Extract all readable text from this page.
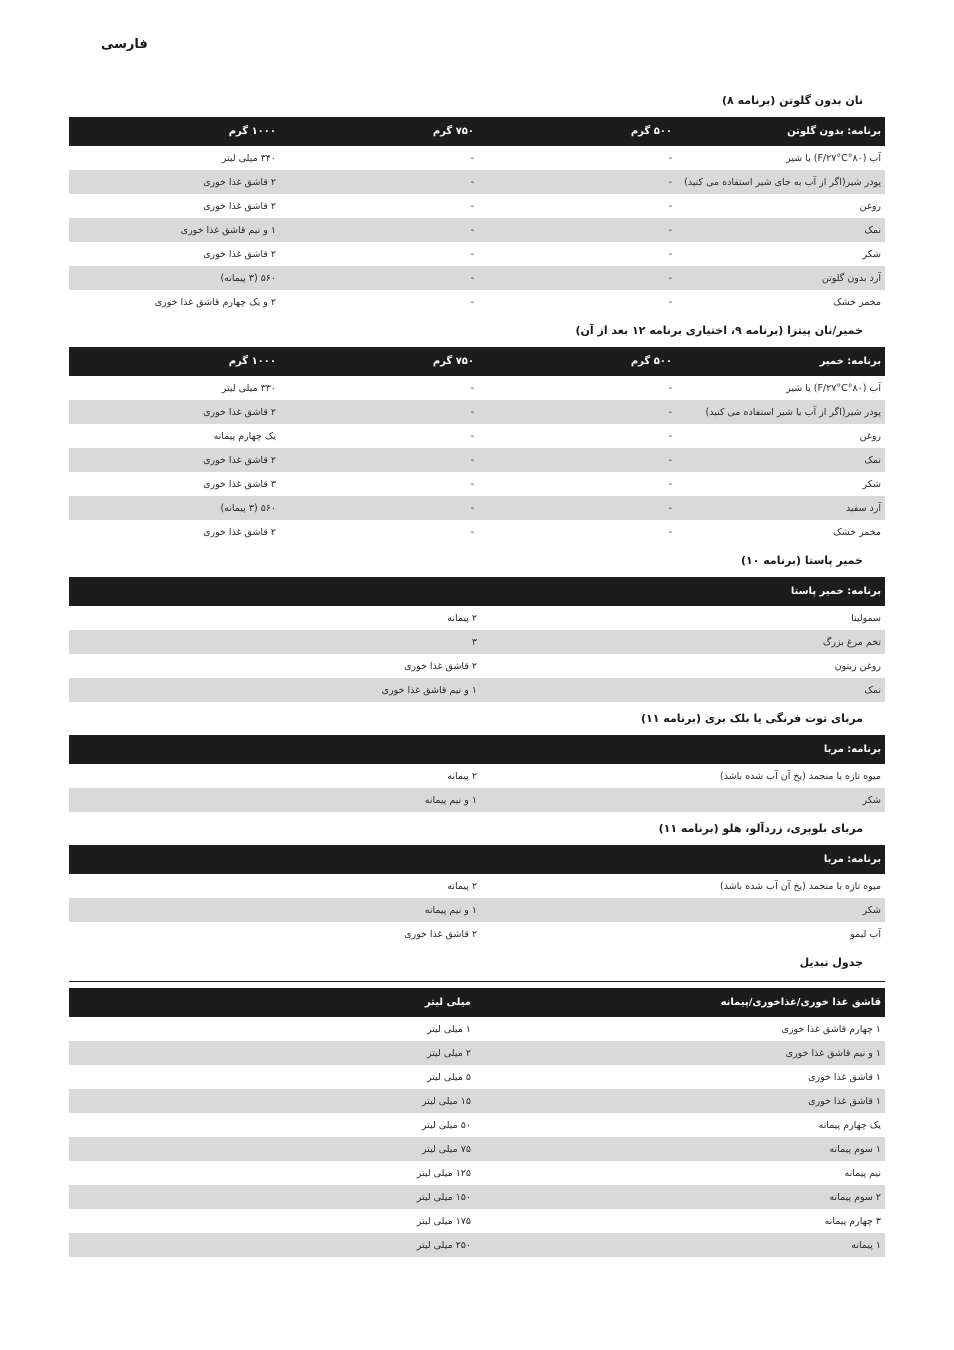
فارسی
نان بدون گلوتن (برنامه ۸)
برنامه: بدون گلوتن	۵۰۰ گرم	۷۵۰ گرم	۱۰۰۰ گرم
آب (۸۰°F/۲۷°C) یا شیر	-	-	۳۴۰ میلی لیتر
پودر شیر(اگر از آب به جای شیر استفاده می کنید)	-	-	۲ قاشق غذا خوری
روغن	-	-	۲ قاشق غذا خوری
نمک	-	-	۱ و نیم قاشق غذا خوری
شکر	-	-	۲ قاشق غذا خوری
آرد بدون گلوتن	-	-	۵۶۰ (۳ پیمانه)
مخمر خشک	-	-	۲ و یک چهارم قاشق غذا خوری
خمیر/نان پیتزا (برنامه ۹، اختیاری برنامه ۱۲ بعد از آن)
برنامه: خمیر	۵۰۰ گرم	۷۵۰ گرم	۱۰۰۰ گرم
آب (۸۰°F/۲۷°C) یا شیر	-	-	۳۳۰ میلی لیتر
پودر شیر(اگر از آب یا شیر استفاده می کنید)	-	-	۲ قاشق غذا خوری
روغن	-	-	یک چهارم پیمانه
نمک	-	-	۲ قاشق غذا خوری
شکر	-	-	۳ قاشق غذا خوری
آرد سفید	-	-	۵۶۰ (۳ پیمانه)
مخمر خشک	-	-	۲ قاشق غذا خوری
خمیر پاستا (برنامه ۱۰)
برنامه: خمیر پاستا	
سمولینا	۲ پیمانه
تخم مرغ بزرگ	۳
روغن زیتون	۲ قاشق غذا خوری
نمک	۱ و نیم قاشق غذا خوری
مربای توت فرنگی یا بلک بری (برنامه ۱۱)
برنامه: مربا	
میوه تازه یا منجمد (یخ آن آب شده باشد)	۲ پیمانه
شکر	۱ و نیم پیمانه
مربای بلوبری، زردآلو، هلو (برنامه ۱۱)
برنامه: مربا	
میوه تازه یا منجمد (یخ آن آب شده باشد)	۲ پیمانه
شکر	۱ و نیم پیمانه
آب لیمو	۲ قاشق غذا خوری
جدول تبدیل
قاشق غذا خوری/غذاخوری/پیمانه	میلی لیتر
۱ چهارم قاشق غذا خوری	۱ میلی لیتر
۱ و نیم قاشق غذا خوری	۲ میلی لیتر
۱ قاشق غذا خوری	۵ میلی لیتر
۱ قاشق غذا خوری	۱۵ میلی لیتر
یک چهارم پیمانه	۵۰ میلی لیتر
۱ سوم پیمانه	۷۵ میلی لیتر
نیم پیمانه	۱۲۵ میلی لیتر
۲ سوم پیمانه	۱۵۰ میلی لیتر
۳ چهارم پیمانه	۱۷۵ میلی لیتر
۱ پیمانه	۲۵۰ میلی لیتر
